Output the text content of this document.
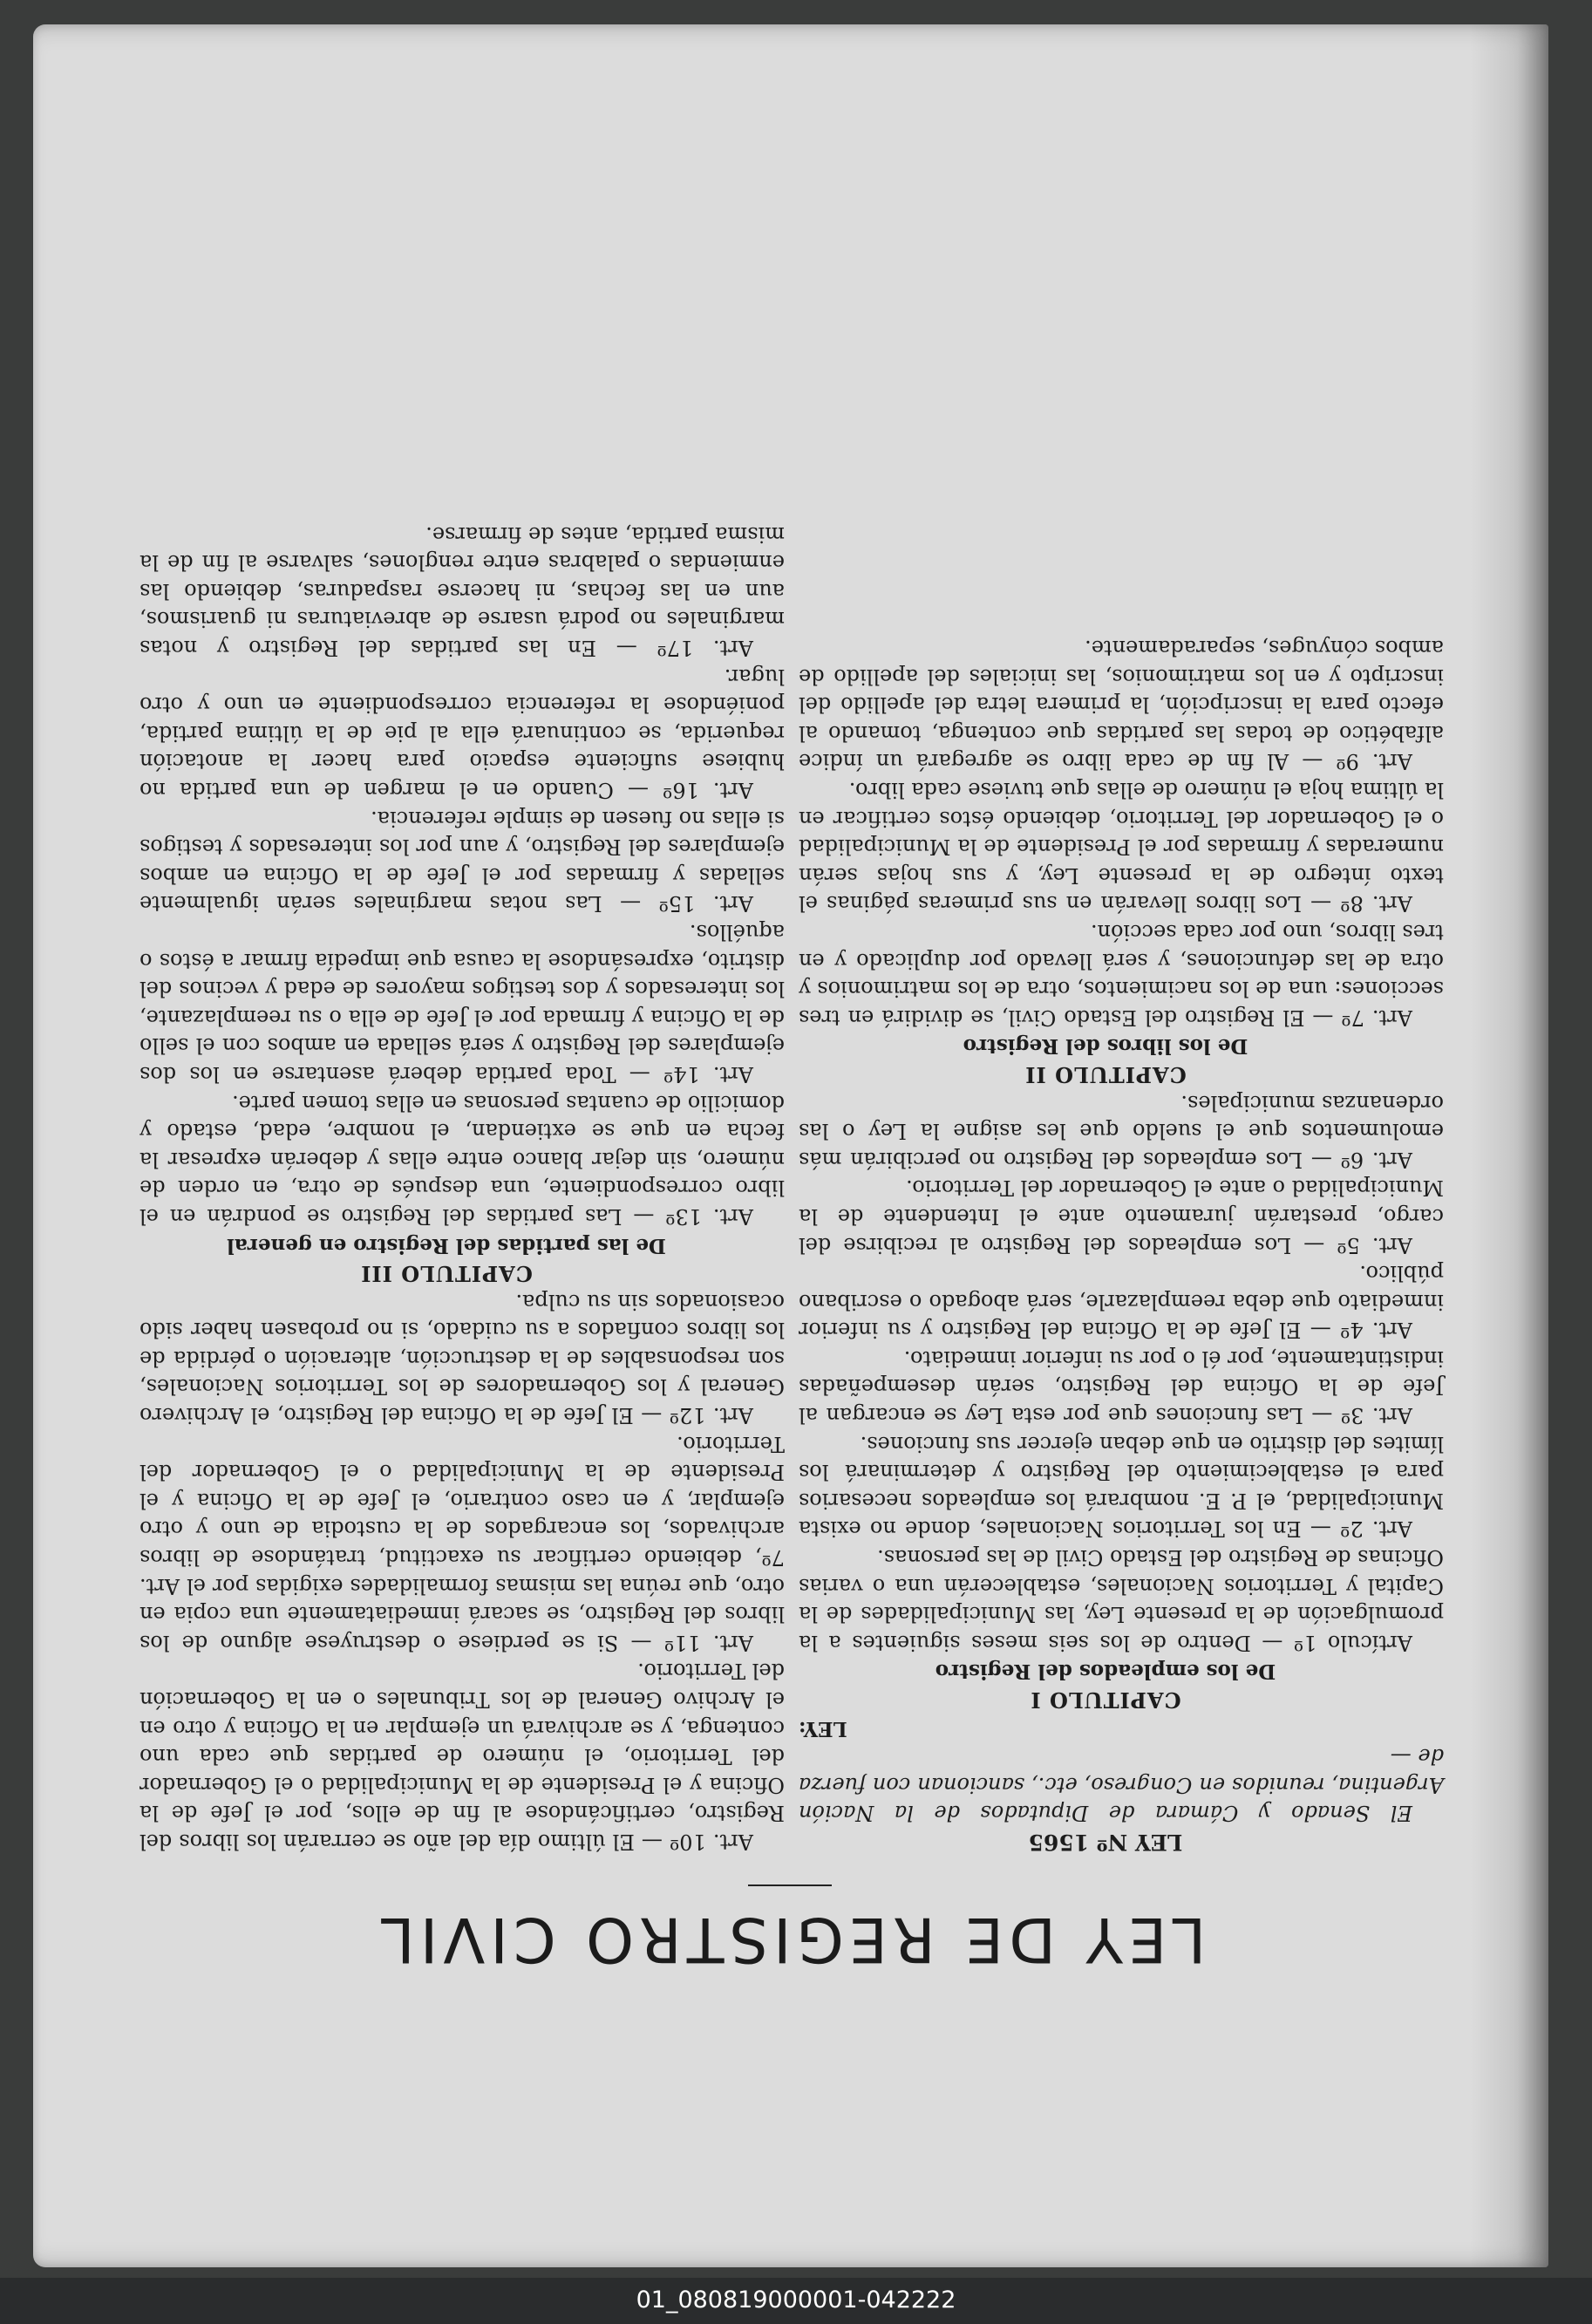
LEY DE REGISTRO CIVIL

LEY Nº 1565

El Senado y Cámara de Diputados de la Nación Argentina, reunidos en Congreso, etc., sancionan con fuerza de —

LEY:

CAPITULO I

De los empleados del Registro

Artículo 1º — Dentro de los seis meses siguientes a la promulgación de la presente Ley, las Municipalidades de la Capital y Territorios Nacionales, establecerán una o varias Oficinas de Registro del Estado Civil de las personas.

Art. 2º — En los Territorios Nacionales, donde no exista Municipalidad, el P. E. nombrará los empleados necesarios para el establecimiento del Registro y determinará los límites del distrito en que deban ejercer sus funciones.

Art. 3º — Las funciones que por esta Ley se encargan al Jefe de la Oficina del Registro, serán desempeñadas indistintamente, por él o por su inferior inmediato.

Art. 4º — El Jefe de la Oficina del Registro y su inferior inmediato que deba reemplazarle, será abogado o escribano público.

Art. 5º — Los empleados del Registro al recibirse del cargo, prestarán juramento ante el Intendente de la Municipalidad o ante el Gobernador del Territorio.

Art. 6º — Los empleados del Registro no percibirán más emolumentos que el sueldo que les asigne la Ley o las ordenanzas municipales.

CAPITULO II

De los libros del Registro

Art. 7º — El Registro del Estado Civil, se dividirá en tres secciones: una de los nacimientos, otra de los matrimonios y otra de las defunciones, y será llevado por duplicado y en tres libros, uno por cada sección.

Art. 8º — Los libros llevarán en sus primeras páginas el texto íntegro de la presente Ley, y sus hojas serán numeradas y firmadas por el Presidente de la Municipalidad o el Gobernador del Territorio, debiendo éstos certificar en la última hoja el número de ellas que tuviese cada libro.

Art. 9º — Al fin de cada libro se agregará un índice alfabético de todas las partidas que contenga, tomando al efecto para la inscripción, la primera letra del apellido del inscripto y en los matrimonios, las iniciales del apellido de ambos cónyuges, separadamente.

Art. 10º — El último día del año se cerrarán los libros del Registro, certificándose al fin de ellos, por el Jefe de la Oficina y el Presidente de la Municipalidad o el Gobernador del Territorio, el número de partidas que cada uno contenga, y se archivará un ejemplar en la Oficina y otro en el Archivo General de los Tribunales o en la Gobernación del Territorio.

Art. 11º — Si se perdiese o destruyese alguno de los libros del Registro, se sacará inmediatamente una copia en otro, que reúna las mismas formalidades exigidas por el Art. 7º, debiendo certificar su exactitud, tratándose de libros archivados, los encargados de la custodia de uno y otro ejemplar, y en caso contrario, el Jefe de la Oficina y el Presidente de la Municipalidad o el Gobernador del Territorio.

Art. 12º — El Jefe de la Oficina del Registro, el Archivero General y los Gobernadores de los Territorios Nacionales, son responsables de la destrucción, alteración o pérdida de los libros confiados a su cuidado, si no probasen haber sido ocasionados sin su culpa.

CAPITULO III

De las partidas del Registro en general

Art. 13º — Las partidas del Registro se pondrán en el libro correspondiente, una después de otra, en orden de número, sin dejar blanco entre ellas y deberán expresar la fecha en que se extiendan, el nombre, edad, estado y domicilio de cuantas personas en ellas tomen parte.

Art. 14º — Toda partida deberá asentarse en los dos ejemplares del Registro y será sellada en ambos con el sello de la Oficina y firmada por el Jefe de ella o su reemplazante, los interesados y dos testigos mayores de edad y vecinos del distrito, expresándose la causa que impedía firmar a éstos o aquéllos.

Art. 15º — Las notas marginales serán igualmente selladas y firmadas por el Jefe de la Oficina en ambos ejemplares del Registro, y aun por los interesados y testigos si ellas no fuesen de simple referencia.

Art. 16º — Cuando en el margen de una partida no hubiese suficiente espacio para hacer la anotación requerida, se continuará ella al pie de la última partida, poniéndose la referencia correspondiente en uno y otro lugar.

Art. 17º — En las partidas del Registro y notas marginales no podrá usarse de abreviaturas ni guarismos, aun en las fechas, ni hacerse raspaduras, debiendo las enmiendas o palabras entre renglones, salvarse al fin de la misma partida, antes de firmarse.

01_080819000001-042222
